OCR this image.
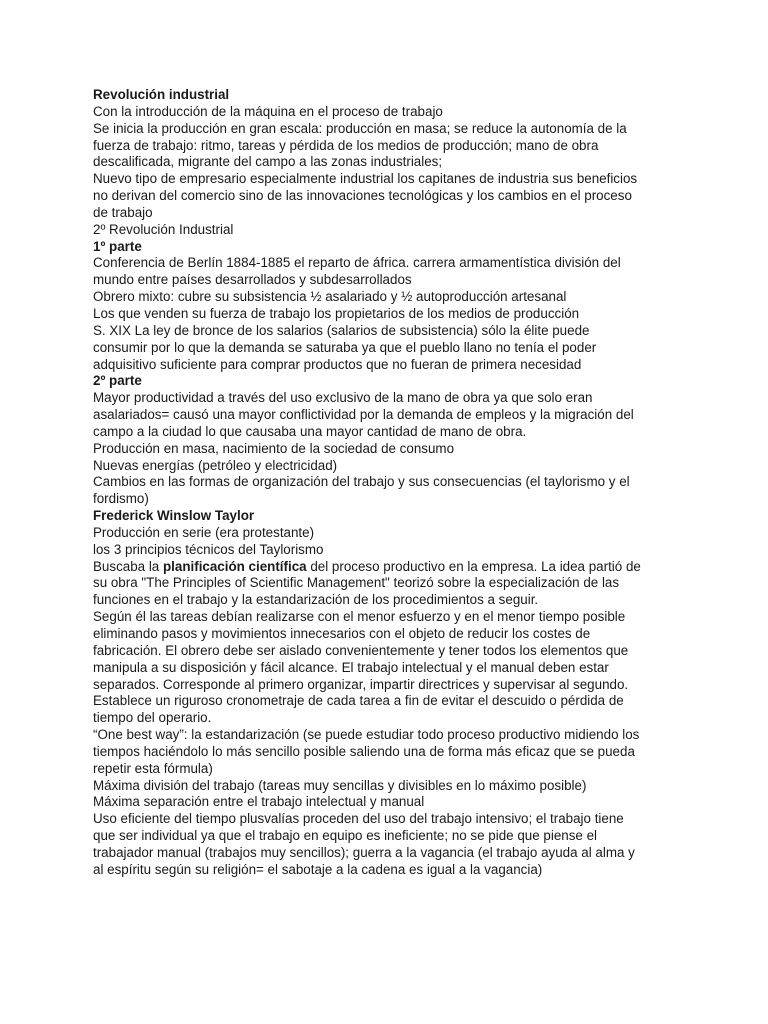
Revolución industrial

Con la introducción de la máquina en el proceso de trabajo

Se inicia la producción en gran escala: producción en masa; se reduce la autonomía de la

fuerza de trabajo: ritmo, tareas y pérdida de los medios de producción; mano de obra

descalificada, migrante del campo a las zonas industriales;

Nuevo tipo de empresario especialmente industrial los capitanes de industria sus beneficios

no derivan del comercio sino de las innovaciones tecnológicas y los cambios en el proceso

de trabajo

2º Revolución Industrial

1º parte

Conferencia de Berlín 1884-1885 el reparto de áfrica. carrera armamentística división del

mundo entre países desarrollados y subdesarrollados

Obrero mixto: cubre su subsistencia ½ asalariado y ½ autoproducción artesanal

Los que venden su fuerza de trabajo los propietarios de los medios de producción

S. XIX La ley de bronce de los salarios (salarios de subsistencia) sólo la élite puede

consumir por lo que la demanda se saturaba ya que el pueblo llano no tenía el poder

adquisitivo suficiente para comprar productos que no fueran de primera necesidad

2º parte

Mayor productividad a través del uso exclusivo de la mano de obra ya que solo eran

asalariados= causó una mayor conflictividad por la demanda de empleos y la migración del

campo a la ciudad lo que causaba una mayor cantidad de mano de obra.

Producción en masa, nacimiento de la sociedad de consumo

Nuevas energías (petróleo y electricidad)

Cambios en las formas de organización del trabajo y sus consecuencias (el taylorismo y el

fordismo)

Frederick Winslow Taylor

Producción en serie (era protestante)

los 3 principios técnicos del Taylorismo

Buscaba la planificación científica del proceso productivo en la empresa. La idea partió de

su obra "The Principles of Scientific Management" teorizó sobre la especialización de las

funciones en el trabajo y la estandarización de los procedimientos a seguir.

Según él las tareas debían realizarse con el menor esfuerzo y en el menor tiempo posible

eliminando pasos y movimientos innecesarios con el objeto de reducir los costes de

fabricación. El obrero debe ser aislado convenientemente y tener todos los elementos que

manipula a su disposición y fácil alcance. El trabajo intelectual y el manual deben estar

separados. Corresponde al primero organizar, impartir directrices y supervisar al segundo.

Establece un riguroso cronometraje de cada tarea a fin de evitar el descuido o pérdida de

tiempo del operario.

“One best way”: la estandarización (se puede estudiar todo proceso productivo midiendo los

tiempos haciéndolo lo más sencillo posible saliendo una de forma más eficaz que se pueda

repetir esta fórmula)

Máxima división del trabajo (tareas muy sencillas y divisibles en lo máximo posible)

Máxima separación entre el trabajo intelectual y manual

Uso eficiente del tiempo plusvalías proceden del uso del trabajo intensivo; el trabajo tiene

que ser individual ya que el trabajo en equipo es ineficiente; no se pide que piense el

trabajador manual (trabajos muy sencillos); guerra a la vagancia (el trabajo ayuda al alma y

al espíritu según su religión= el sabotaje a la cadena es igual a la vagancia)
